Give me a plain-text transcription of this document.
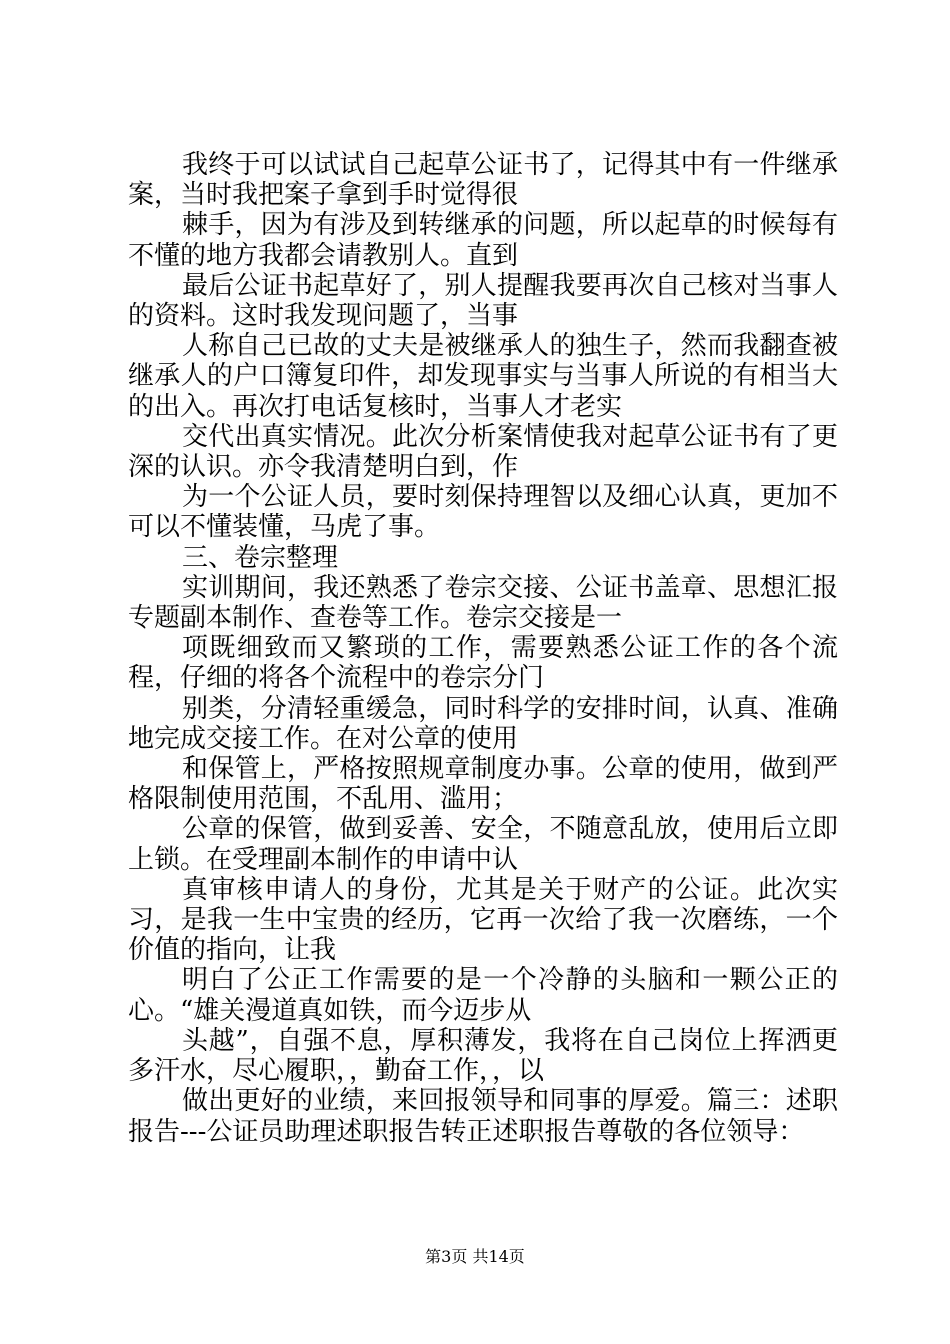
我终于可以试试自己起草公证书了，记得其中有一件继承案，当时我把案子拿到手时觉得很

棘手，因为有涉及到转继承的问题，所以起草的时候每有不懂的地方我都会请教别人。直到

最后公证书起草好了，别人提醒我要再次自己核对当事人的资料。这时我发现问题了，当事

人称自己已故的丈夫是被继承人的独生子，然而我翻查被继承人的户口簿复印件，却发现事实与当事人所说的有相当大的出入。再次打电话复核时，当事人才老实

交代出真实情况。此次分析案情使我对起草公证书有了更深的认识。亦令我清楚明白到，作

为一个公证人员，要时刻保持理智以及细心认真，更加不可以不懂装懂，马虎了事。

三、卷宗整理

实训期间，我还熟悉了卷宗交接、公证书盖章、思想汇报专题副本制作、查卷等工作。卷宗交接是一

项既细致而又繁琐的工作，需要熟悉公证工作的各个流程，仔细的将各个流程中的卷宗分门

别类，分清轻重缓急，同时科学的安排时间，认真、准确地完成交接工作。在对公章的使用

和保管上，严格按照规章制度办事。公章的使用，做到严格限制使用范围，不乱用、滥用；

公章的保管，做到妥善、安全，不随意乱放，使用后立即上锁。在受理副本制作的申请中认

真审核申请人的身份，尤其是关于财产的公证。此次实习，是我一生中宝贵的经历，它再一次给了我一次磨练，一个价值的指向，让我

明白了公正工作需要的是一个冷静的头脑和一颗公正的心。“雄关漫道真如铁，而今迈步从

头越”，自强不息，厚积薄发，我将在自己岗位上挥洒更多汗水，尽心履职，，勤奋工作，，以

做出更好的业绩，来回报领导和同事的厚爱。篇三：述职报告---公证员助理述职报告转正述职报告尊敬的各位领导：

第3页 共14页
